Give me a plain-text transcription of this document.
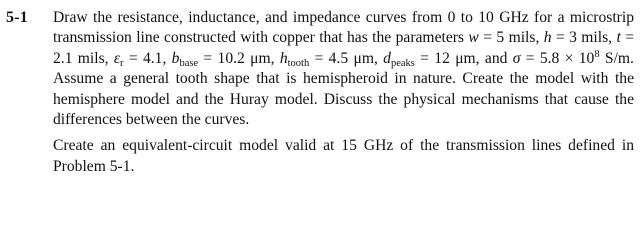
5-1	Draw the resistance, inductance, and impedance curves from 0 to 10 GHz for a microstrip transmission line constructed with copper that has the parameters w = 5 mils, h = 3 mils, t = 2.1 mils, $\varepsilon_r = 4.1$, $b_{base} = 10.2$ μm, $h_{tooth} = 4.5$ μm, $d_{peaks} = 12$ μm, and $\sigma = 5.8 \times 10^8$ S/m. Assume a general tooth shape that is hemispheroid in nature. Create the model with the hemisphere model and the Huray model. Discuss the physical mechanisms that cause the differences between the curves.

Create an equivalent-circuit model valid at 15 GHz of the transmission lines defined in Problem 5-1.
